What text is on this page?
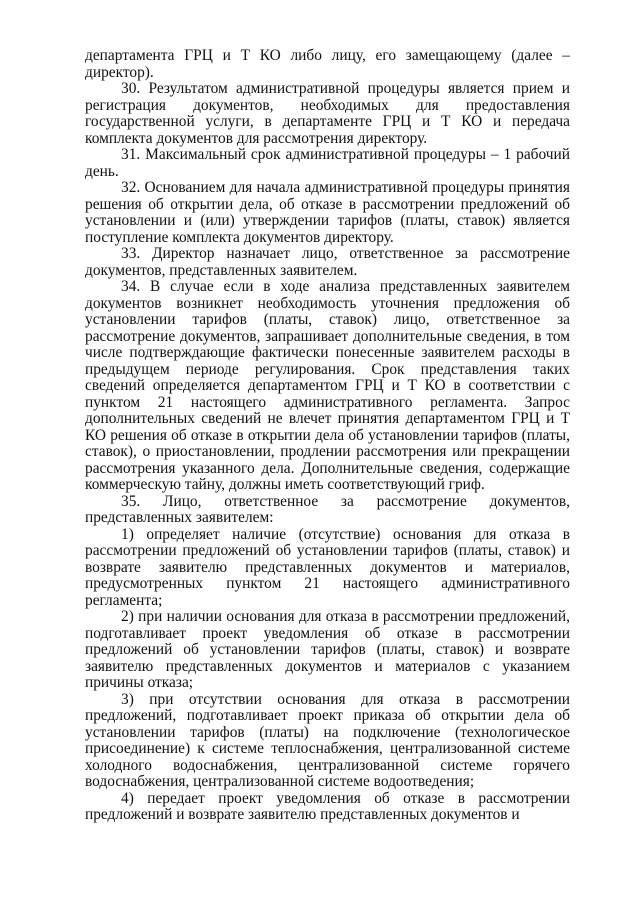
департамента ГРЦ и Т КО либо лицу, его замещающему (далее – директор).

30. Результатом административной процедуры является прием и регистрация документов, необходимых для предоставления государственной услуги, в департаменте ГРЦ и Т КО и передача комплекта документов для рассмотрения директору.

31. Максимальный срок административной процедуры – 1 рабочий день.

32. Основанием для начала административной процедуры принятия решения об открытии дела, об отказе в рассмотрении предложений об установлении и (или) утверждении тарифов (платы, ставок) является поступление комплекта документов директору.

33. Директор назначает лицо, ответственное за рассмотрение документов, представленных заявителем.

34. В случае если в ходе анализа представленных заявителем документов возникнет необходимость уточнения предложения об установлении тарифов (платы, ставок) лицо, ответственное за рассмотрение документов, запрашивает дополнительные сведения, в том числе подтверждающие фактически понесенные заявителем расходы в предыдущем периоде регулирования. Срок представления таких сведений определяется департаментом ГРЦ и Т КО в соответствии с пунктом 21 настоящего административного регламента. Запрос дополнительных сведений не влечет принятия департаментом ГРЦ и Т КО решения об отказе в открытии дела об установлении тарифов (платы, ставок), о приостановлении, продлении рассмотрения или прекращении рассмотрения указанного дела. Дополнительные сведения, содержащие коммерческую тайну, должны иметь соответствующий гриф.

35. Лицо, ответственное за рассмотрение документов, представленных заявителем:

1) определяет наличие (отсутствие) основания для отказа в рассмотрении предложений об установлении тарифов (платы, ставок) и возврате заявителю представленных документов и материалов, предусмотренных пунктом 21 настоящего административного регламента;

2) при наличии основания для отказа в рассмотрении предложений, подготавливает проект уведомления об отказе в рассмотрении предложений об установлении тарифов (платы, ставок) и возврате заявителю представленных документов и материалов с указанием причины отказа;

3) при отсутствии основания для отказа в рассмотрении предложений, подготавливает проект приказа об открытии дела об установлении тарифов (платы) на подключение (технологическое присоединение) к системе теплоснабжения, централизованной системе холодного водоснабжения, централизованной системе горячего водоснабжения, централизованной системе водоотведения;

4) передает проект уведомления об отказе в рассмотрении предложений и возврате заявителю представленных документов и
